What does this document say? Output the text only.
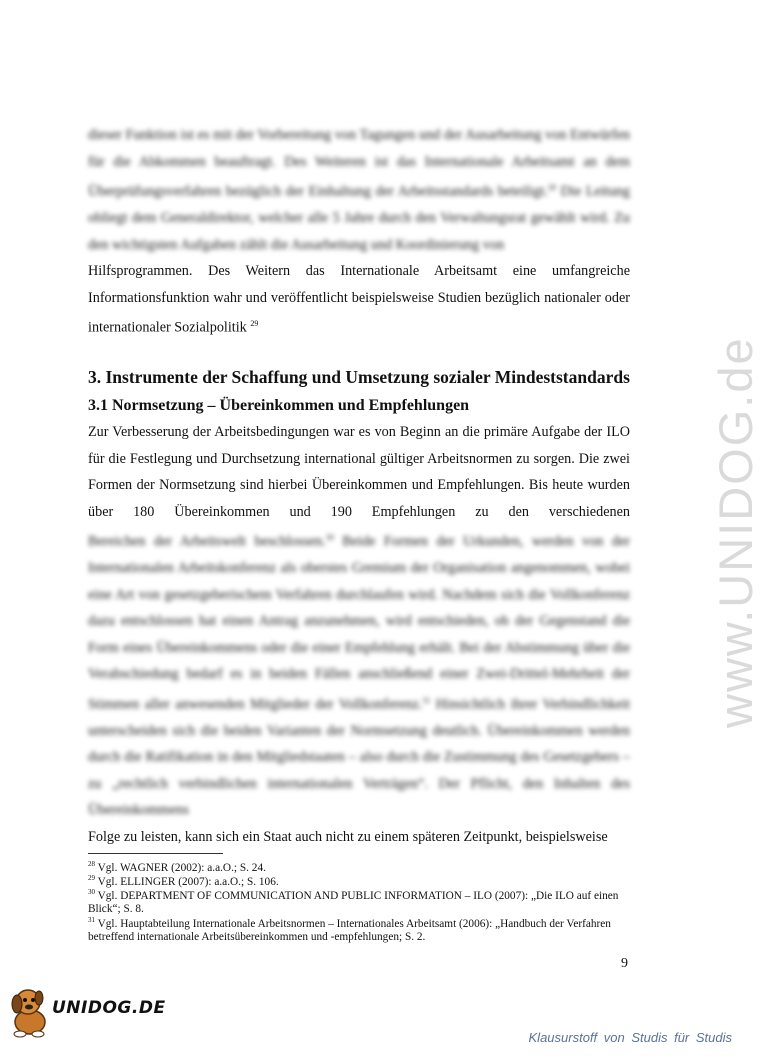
dieser Funktion ist es mit der Vorbereitung von Tagungen und der Ausarbeitung von Entwürfen für die Abkommen beauftragt. Des Weiteren ist das Internationale Arbeitsamt an dem Überprüfungsverfahren bezüglich der Einhaltung der Arbeitsstandards beteiligt.$^{28}$ Die Leitung obliegt dem Generaldirektor, welcher alle 5 Jahre durch den Verwaltungsrat gewählt wird. Zu den wichtigsten Aufgaben zählt die Ausarbeitung und Koordinierung von

Hilfsprogrammen. Des Weitern das Internationale Arbeitsamt eine umfangreiche Informationsfunktion wahr und veröffentlicht beispielsweise Studien bezüglich nationaler oder internationaler Sozialpolitik $^{29}$

3. Instrumente der Schaffung und Umsetzung sozialer Mindeststandards
3.1 Normsetzung – Übereinkommen und Empfehlungen

Zur Verbesserung der Arbeitsbedingungen war es von Beginn an die primäre Aufgabe der ILO für die Festlegung und Durchsetzung international gültiger Arbeitsnormen zu sorgen. Die zwei Formen der Normsetzung sind hierbei Übereinkommen und Empfehlungen. Bis heute wurden über 180 Übereinkommen und 190 Empfehlungen zu den verschiedenen

Bereichen der Arbeitswelt beschlossen.$^{30}$ Beide Formen der Urkunden, werden von der Internationalen Arbeitskonferenz als oberstes Gremium der Organisation angenommen, wobei eine Art von gesetzgeberischem Verfahren durchlaufen wird. Nachdem sich die Vollkonferenz dazu entschlossen hat einen Antrag anzunehmen, wird entschieden, ob der Gegenstand die Form eines Übereinkommens oder die einer Empfehlung erhält. Bei der Abstimmung über die Verabschiedung bedarf es in beiden Fällen anschließend einer Zwei-Drittel-Mehrheit der Stimmen aller anwesenden Mitglieder der Vollkonferenz.$^{31}$ Hinsichtlich ihrer Verbindlichkeit unterscheiden sich die beiden Varianten der Normsetzung deutlich. Übereinkommen werden durch die Ratifikation in den Mitgliedstaaten – also durch die Zustimmung des Gesetzgebers – zu „rechtlich verbindlichen internationalen Verträgen“. Der Pflicht, den Inhalten des Übereinkommens

Folge zu leisten, kann sich ein Staat auch nicht zu einem späteren Zeitpunkt, beispielsweise

$^{28}$ Vgl. WAGNER (2002): a.a.O.; S. 24.
$^{29}$ Vgl. ELLINGER (2007): a.a.O.; S. 106.
$^{30}$ Vgl. DEPARTMENT OF COMMUNICATION AND PUBLIC INFORMATION – ILO (2007): „Die ILO auf einen Blick“; S. 8.
$^{31}$ Vgl. Hauptabteilung Internationale Arbeitsnormen – Internationales Arbeitsamt (2006): „Handbuch der Verfahren betreffend internationale Arbeitsübereinkommen und -empfehlungen; S. 2.
9
www.UNIDOG.de
UNIDOG.DE
Klausurstoff von Studis für Studis
